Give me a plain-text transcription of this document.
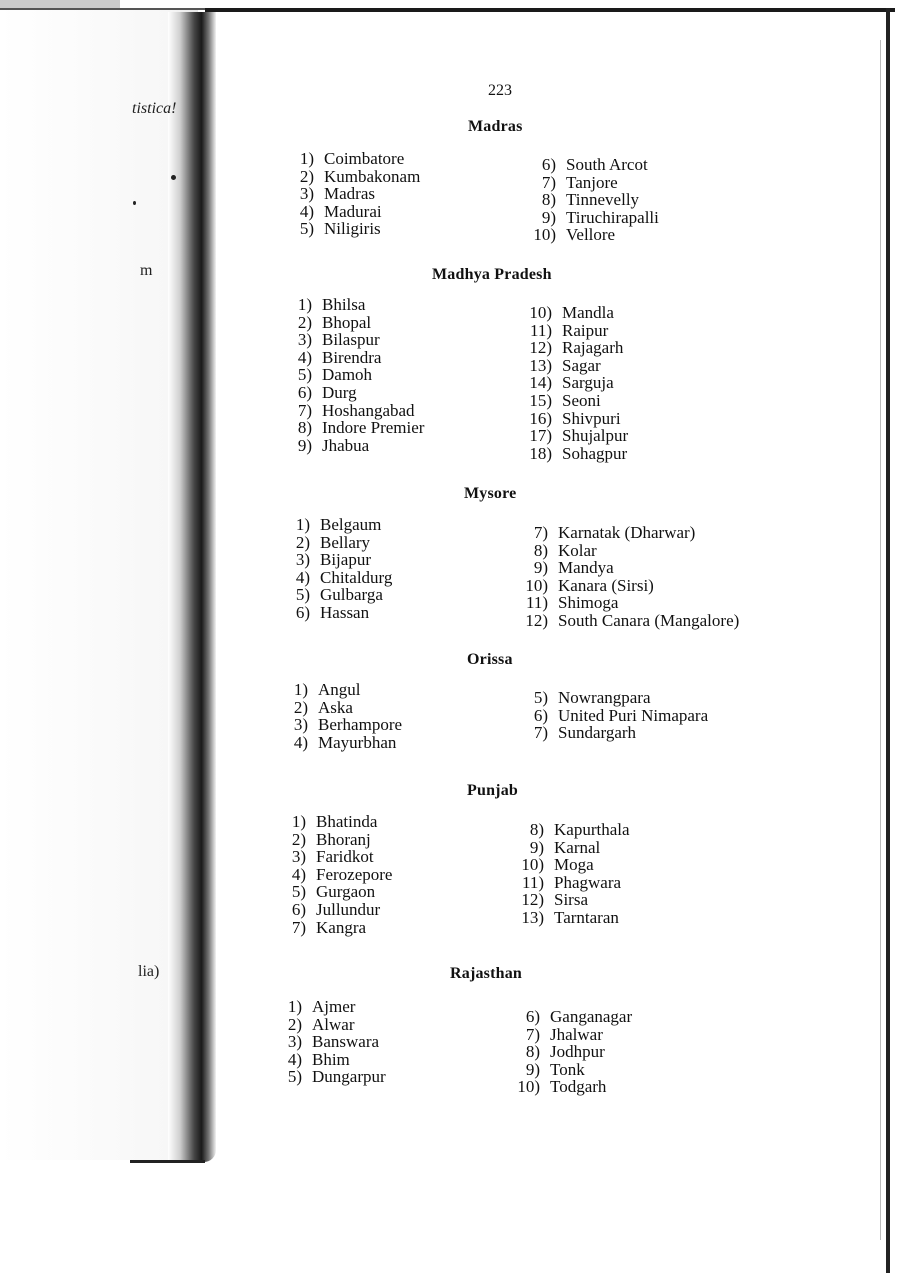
tistica!
m
lia)
223
Madras
1) Coimbatore
2) Kumbakonam
3) Madras
4) Madurai
5) Niligiris
6) South Arcot
7) Tanjore
8) Tinnevelly
9) Tiruchirapalli
10) Vellore
Madhya Pradesh
1) Bhilsa
2) Bhopal
3) Bilaspur
4) Birendra
5) Damoh
6) Durg
7) Hoshangabad
8) Indore Premier
9) Jhabua
10) Mandla
11) Raipur
12) Rajagarh
13) Sagar
14) Sarguja
15) Seoni
16) Shivpuri
17) Shujalpur
18) Sohagpur
Mysore
1) Belgaum
2) Bellary
3) Bijapur
4) Chitaldurg
5) Gulbarga
6) Hassan
7) Karnatak (Dharwar)
8) Kolar
9) Mandya
10) Kanara (Sirsi)
11) Shimoga
12) South Canara (Mangalore)
Orissa
1) Angul
2) Aska
3) Berhampore
4) Mayurbhan
5) Nowrangpara
6) United Puri Nimapara
7) Sundargarh
Punjab
1) Bhatinda
2) Bhoranj
3) Faridkot
4) Ferozepore
5) Gurgaon
6) Jullundur
7) Kangra
8) Kapurthala
9) Karnal
10) Moga
11) Phagwara
12) Sirsa
13) Tarntaran
Rajasthan
1) Ajmer
2) Alwar
3) Banswara
4) Bhim
5) Dungarpur
6) Ganganagar
7) Jhalwar
8) Jodhpur
9) Tonk
10) Todgarh
